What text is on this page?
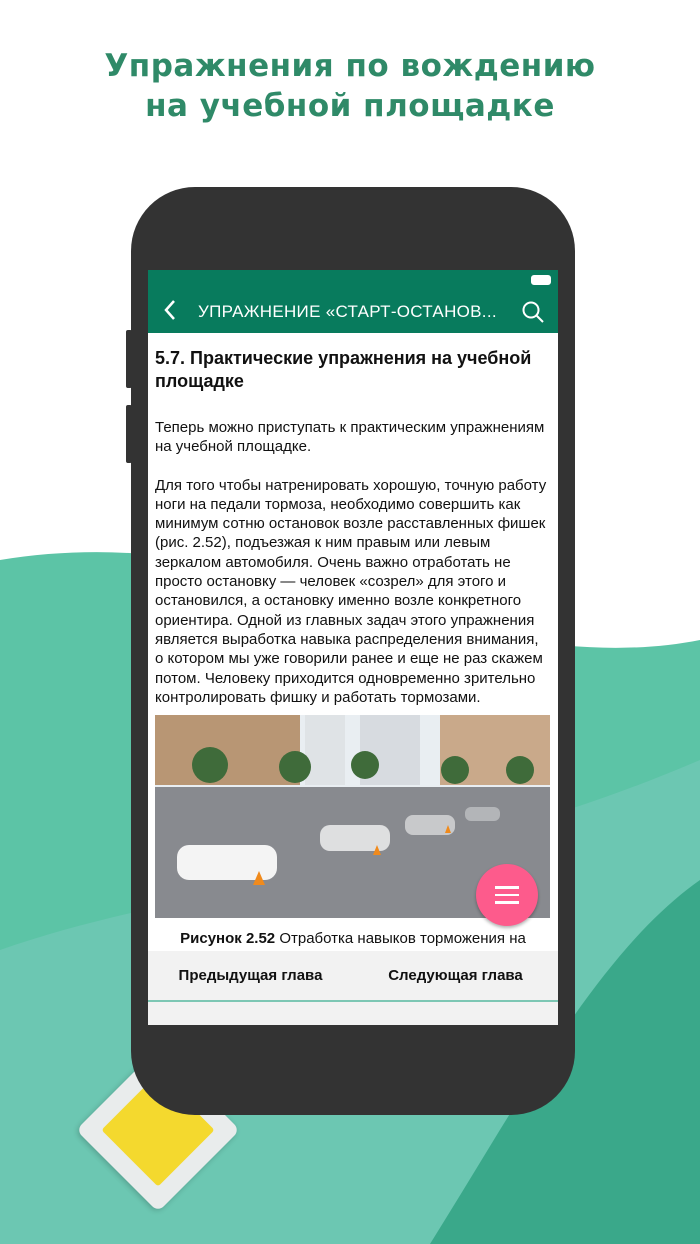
Упражнения по вождению
на учебной площадке
УПРАЖНЕНИЕ «СТАРТ-ОСТАНОВ...
5.7. Практические упражнения на учебной площадке

Теперь можно приступать к практическим упражнениям на учебной площадке.

Для того чтобы натренировать хорошую, точную работу ноги на педали тормоза, необходимо совершить как минимум сотню остановок возле расставленных фишек (рис. 2.52), подъезжая к ним правым или левым зеркалом автомобиля. Очень важно отработать не просто остановку — человек «созрел» для этого и остановился, а остановку именно возле конкретного ориентира. Одной из главных задач этого упражнения является выработка навыка распределения внимания, о котором мы уже говорили ранее и еще не раз скажем потом. Человеку приходится одновременно зрительно контролировать фишку и работать тормозами.

Рисунок 2.52 Отработка навыков торможения на
Предыдущая глава	Следующая глава
